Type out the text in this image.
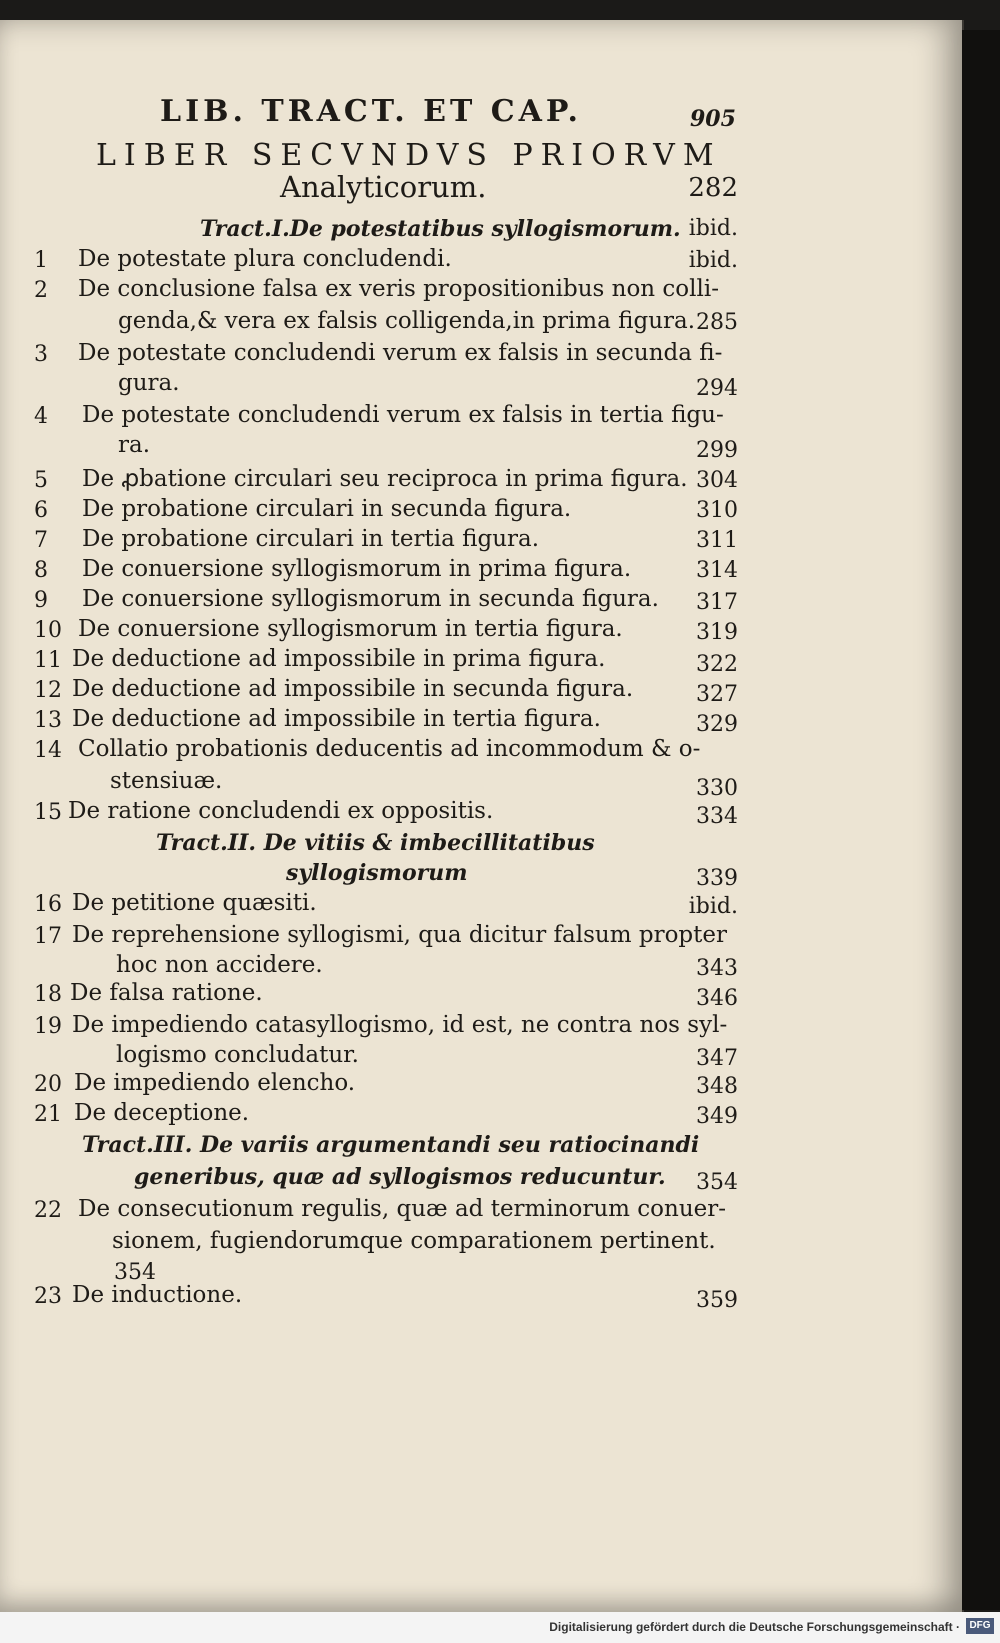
LIB. TRACT. ET CAP.	905
LIBER SECVNDVS PRIORVM
Analyticorum.	282
Tract.I.De potestatibus syllogismorum. ibid.
1 De potestate plura concludendi.	ibid.
2 De conclusione falsa ex veris propositionibus non colli-
genda,& vera ex falsis colligenda,in prima figura. 285
3 De potestate concludendi verum ex falsis in secunda fi-
gura.	294
4 De potestate concludendi verum ex falsis in tertia figu-
ra.	299
5 De ꝓbatione circulari seu reciproca in prima figura. 304
6 De probatione circulari in secunda figura.	310
7 De probatione circulari in tertia figura.	311
8 De conuersione syllogismorum in prima figura.	314
9 De conuersione syllogismorum in secunda figura.	317
10 De conuersione syllogismorum in tertia figura.	319
11 De deductione ad impossibile in prima figura.	322
12 De deductione ad impossibile in secunda figura.	327
13 De deductione ad impossibile in tertia figura.	329
14 Collatio probationis deducentis ad incommodum & o-
stensiuæ.	330
15 De ratione concludendi ex oppositis.	334
Tract.II. De vitiis & imbecillitatibus
syllogismorum	339
16 De petitione quæsiti.	ibid.
17 De reprehensione syllogismi, qua dicitur falsum propter
hoc non accidere.	343
18 De falsa ratione.	346
19 De impediendo catasyllogismo, id est, ne contra nos syl-
logismo concludatur.	347
20 De impediendo elencho.	348
21 De deceptione.	349
Tract.III. De variis argumentandi seu ratiocinandi
generibus, quæ ad syllogismos reducuntur.	354
22 De consecutionum regulis, quæ ad terminorum conuer-
sionem, fugiendorumque comparationem pertinent.
354
23 De inductione.	359
Digitalisierung gefördert durch die Deutsche Forschungsgemeinschaft · DFG
